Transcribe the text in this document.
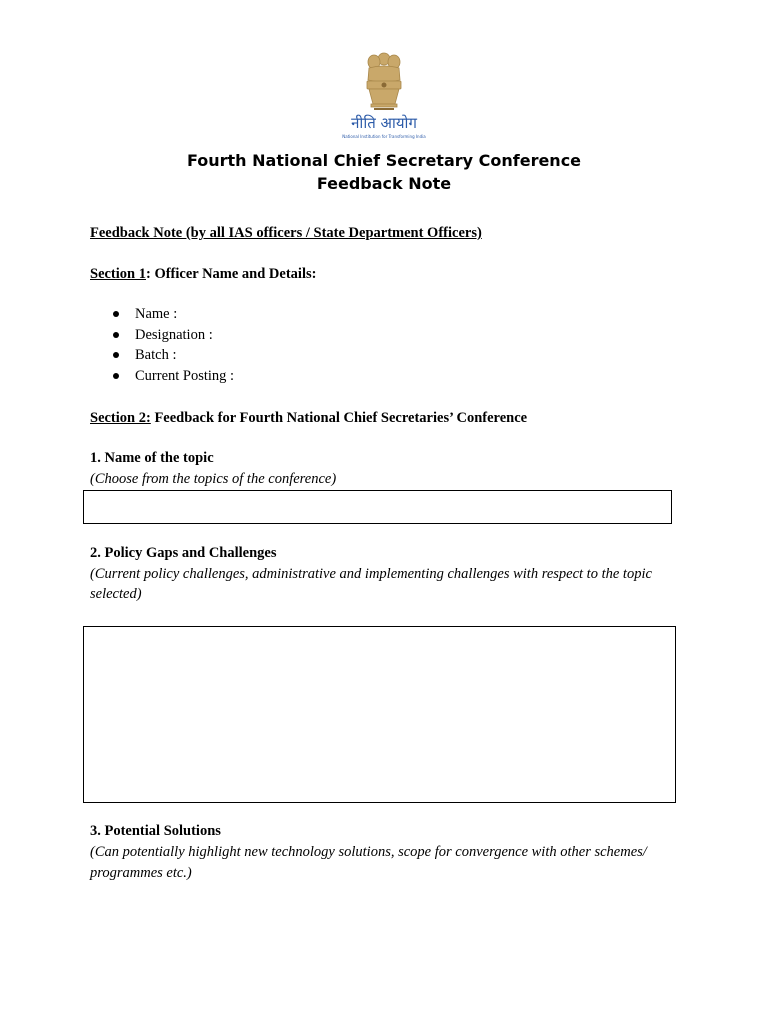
नीति आयोग
National Institution for Transforming India
Fourth National Chief Secretary Conference
Feedback Note
Feedback Note (by all IAS officers / State Department Officers)
Section 1: Officer Name and Details:
Name :
Designation :
Batch :
Current Posting :
Section 2: Feedback for Fourth National Chief Secretaries’ Conference
1. Name of the topic
(Choose from the topics of the conference)
2. Policy Gaps and Challenges
(Current policy challenges, administrative and implementing challenges with respect to the topic
selected)
3. Potential Solutions
(Can potentially highlight new technology solutions, scope for convergence with other schemes/
programmes etc.)
